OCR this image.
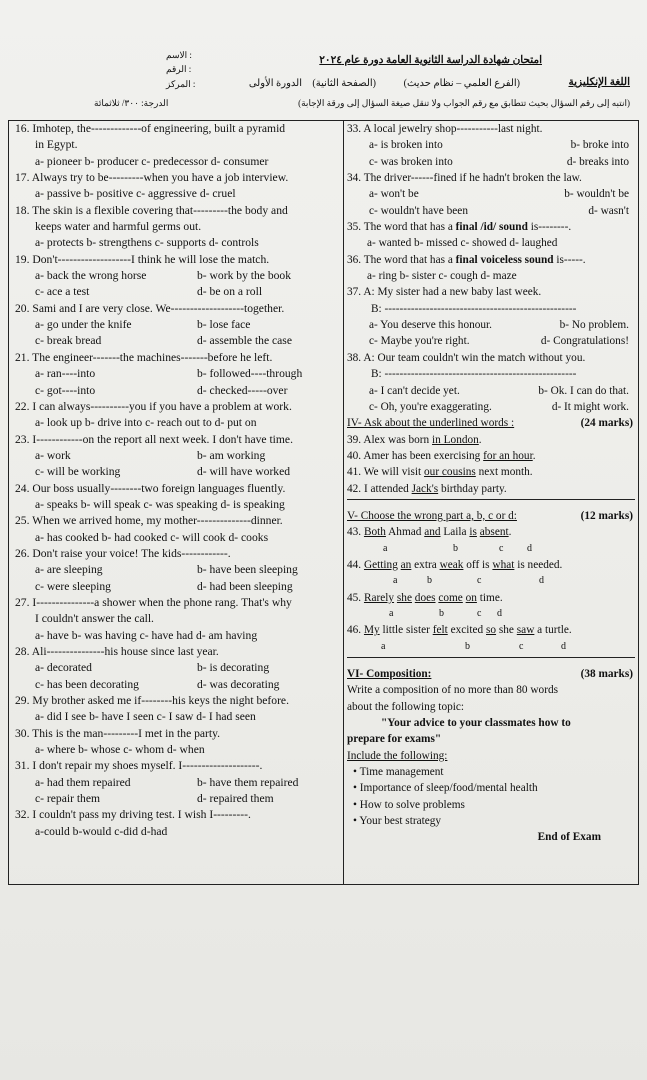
امتحان شهادة الدراسة الثانوية العامة دورة عام ٢٠٢٤
اللغة الإنكليزية
(الفرع العلمي – نظام حديث)
(الصفحة الثانية)
الدورة الأولى
(انتبه إلى رقم السؤال بحيث تتطابق مع رقم الجواب ولا تنقل صيغة السؤال إلى ورقة الإجابة)
الدرجة: ٣٠٠/ ثلاثمائة
الاسم :
الرقم :
المركز :
16. Imhotep, the-------------of engineering, built a pyramid
in Egypt.
a- pioneer b- producer c- predecessor d- consumer
17. Always try to be---------when you have a job interview.
a- passive b- positive c- aggressive d- cruel
18. The skin is a flexible covering that---------the body and
keeps water and harmful germs out.
a- protects b- strengthens c- supports d- controls
19. Don't-------------------I think he will lose the match.
a- back the wrong horse	b- work by the book
c- ace a test	d- be on a roll
20. Sami and I are very close. We-------------------together.
a- go under the knife	b- lose face
c- break bread	d- assemble the case
21. The engineer-------the machines-------before he left.
a- ran----into	b- followed----through
c- got----into	d- checked-----over
22. I can always----------you if you have a problem at work.
a- look up b- drive into c- reach out to d- put on
23. I------------on the report all next week. I don't have time.
a- work	b- am working
c- will be working	d- will have worked
24. Our boss usually--------two foreign languages fluently.
a- speaks b- will speak c- was speaking d- is speaking
25. When we arrived home, my mother--------------dinner.
a- has cooked b- had cooked c- will cook d- cooks
26. Don't raise your voice! The kids------------.
a- are sleeping	b- have been sleeping
c- were sleeping	d- had been sleeping
27. I---------------a shower when the phone rang. That's why
I couldn't answer the call.
a- have b- was having c- have had d- am having
28. Ali---------------his house since last year.
a- decorated	b- is decorating
c- has been decorating	d- was decorating
29. My brother asked me if--------his keys the night before.
a- did I see b- have I seen c- I saw d- I had seen
30. This is the man---------I met in the party.
a- where b- whose c- whom d- when
31. I don't repair my shoes myself. I--------------------.
a- had them repaired	b- have them repaired
c- repair them	d- repaired them
32. I couldn't pass my driving test. I wish I---------.
a-could b-would c-did d-had
33. A local jewelry shop-----------last night.
a- is broken into	b- broke into
c- was broken into	d- breaks into
34. The driver------fined if he hadn't broken the law.
a- won't be	b- wouldn't be
c- wouldn't have been	d- wasn't
35. The word that has a final /id/ sound is--------.
a- wanted b- missed c- showed d- laughed
36. The word that has a final voiceless sound is-----.
a- ring b- sister c- cough d- maze
37. A: My sister had a new baby last week.
B: ---------------------------------------------------
a- You deserve this honour.	b- No problem.
c- Maybe you're right.	d- Congratulations!
38. A: Our team couldn't win the match without you.
B: ---------------------------------------------------
a- I can't decide yet.	b- Ok. I can do that.
c- Oh, you're exaggerating.	d- It might work.
IV- Ask about the underlined words :	(24 marks)
39. Alex was born in London.
40. Amer has been exercising for an hour.
41. We will visit our cousins next month.
42. I attended Jack's birthday party.
V- Choose the wrong part a, b, c or d:	(12 marks)
43. Both Ahmad and Laila is absent.
a	b	c d
44. Getting an extra weak off is what is needed.
a	b	c	d
45. Rarely she does come on time.
a	b	c d
46. My little sister felt excited so she saw a turtle.
a	b	c	d
VI- Composition:	(38 marks)
Write a composition of no more than 80 words
about the following topic:
"Your advice to your classmates how to
prepare for exams"
Include the following:
• Time management
• Importance of sleep/food/mental health
• How to solve problems
• Your best strategy
End of Exam
